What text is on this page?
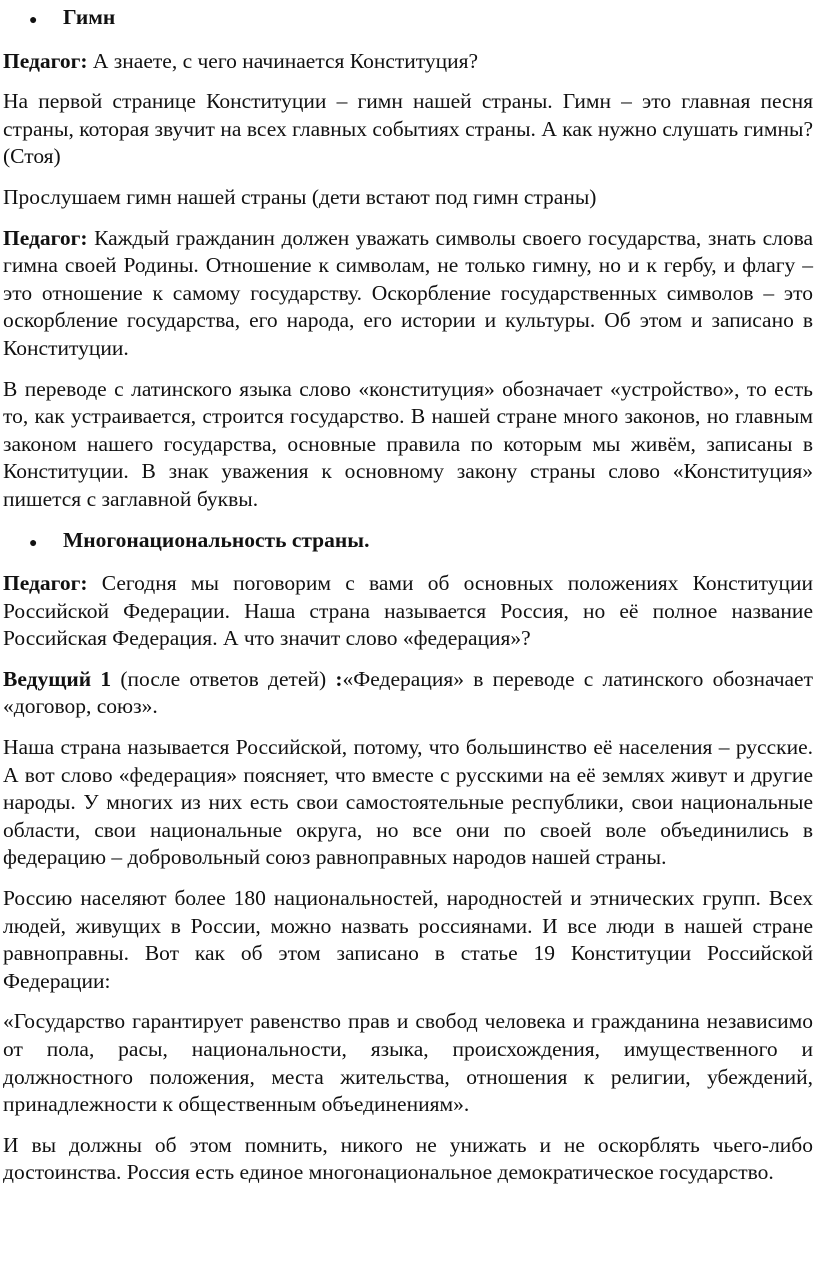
●	Гимн

Педагог: А знаете, с чего начинается Конституция?

На первой странице Конституции – гимн нашей страны. Гимн – это главная песня страны, которая звучит на всех главных событиях страны. А как нужно слушать гимны? (Стоя)

Прослушаем гимн нашей страны (дети встают под гимн страны)

Педагог: Каждый гражданин должен уважать символы своего государства, знать слова гимна своей Родины. Отношение к символам, не только гимну, но и к гербу, и флагу – это отношение к самому государству. Оскорбление государственных символов – это оскорбление государства, его народа, его истории и культуры. Об этом и записано в Конституции.

В переводе с латинского языка слово «конституция» обозначает «устройство», то есть то, как устраивается, строится государство. В нашей стране много законов, но главным законом нашего государства, основные правила по которым мы живём, записаны в Конституции. В знак уважения к основному закону страны слово «Конституция» пишется с заглавной буквы.

●	Многонациональность страны.

Педагог: Сегодня мы поговорим с вами об основных положениях Конституции Российской Федерации. Наша страна называется Россия, но её полное название Российская Федерация. А что значит слово «федерация»?

Ведущий 1 (после ответов детей) :«Федерация» в переводе с латинского обозначает «договор, союз».

Наша страна называется Российской, потому, что большинство её населения – русские. А вот слово «федерация» поясняет, что вместе с русскими на её землях живут и другие народы. У многих из них есть свои самостоятельные республики, свои национальные области, свои национальные округа, но все они по своей воле объединились в федерацию – добровольный союз равноправных народов нашей страны.

Россию населяют более 180 национальностей, народностей и этнических групп. Всех людей, живущих в России, можно назвать россиянами. И все люди в нашей стране равноправны. Вот как об этом записано в статье 19 Конституции Российской Федерации:

«Государство гарантирует равенство прав и свобод человека и гражданина независимо от пола, расы, национальности, языка, происхождения, имущественного и должностного положения, места жительства, отношения к религии, убеждений, принадлежности к общественным объединениям».

И вы должны об этом помнить, никого не унижать и не оскорблять чьего-либо достоинства. Россия есть единое многонациональное демократическое государство.
